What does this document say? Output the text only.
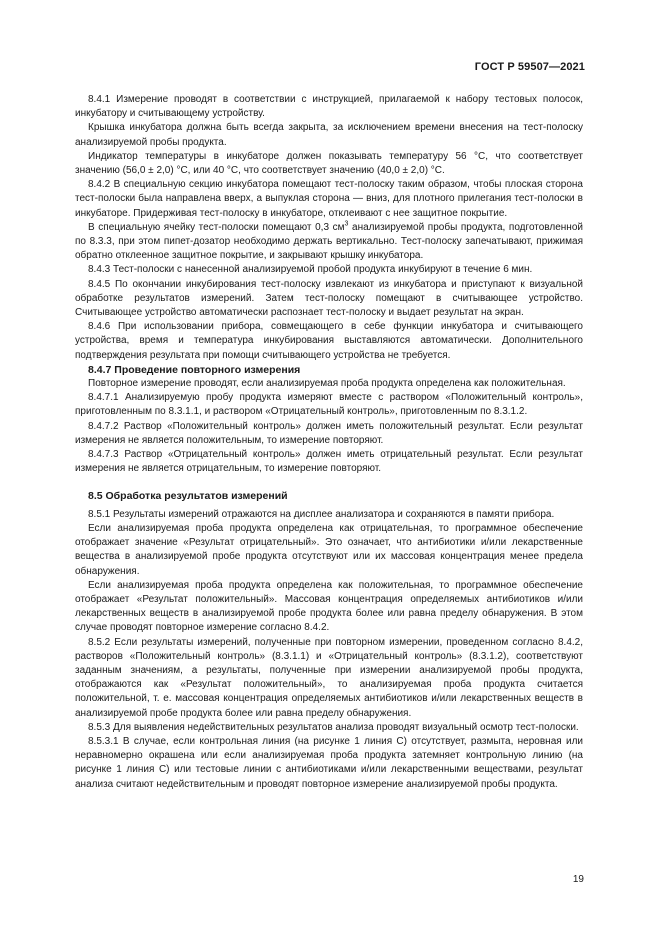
ГОСТ Р 59507—2021

8.4.1 Измерение проводят в соответствии с инструкцией, прилагаемой к набору тестовых полосок, инкубатору и считывающему устройству.

Крышка инкубатора должна быть всегда закрыта, за исключением времени внесения на тест-полоску анализируемой пробы продукта.

Индикатор температуры в инкубаторе должен показывать температуру 56 °С, что соответствует значению (56,0 ± 2,0) °С, или 40 °С, что соответствует значению (40,0 ± 2,0) °С.

8.4.2 В специальную секцию инкубатора помещают тест-полоску таким образом, чтобы плоская сторона тест-полоски была направлена вверх, а выпуклая сторона — вниз, для плотного прилегания тест-полоски в инкубаторе. Придерживая тест-полоску в инкубаторе, отклеивают с нее защитное покрытие.

В специальную ячейку тест-полоски помещают 0,3 $см^3$ анализируемой пробы продукта, подготовленной по 8.3.3, при этом пипет-дозатор необходимо держать вертикально. Тест-полоску запечатывают, прижимая обратно отклеенное защитное покрытие, и закрывают крышку инкубатора.

8.4.3 Тест-полоски с нанесенной анализируемой пробой продукта инкубируют в течение 6 мин.

8.4.5 По окончании инкубирования тест-полоску извлекают из инкубатора и приступают к визуальной обработке результатов измерений. Затем тест-полоску помещают в считывающее устройство. Считывающее устройство автоматически распознает тест-полоску и выдает результат на экран.

8.4.6 При использовании прибора, совмещающего в себе функции инкубатора и считывающего устройства, время и температура инкубирования выставляются автоматически. Дополнительного подтверждения результата при помощи считывающего устройства не требуется.

8.4.7 Проведение повторного измерения

Повторное измерение проводят, если анализируемая проба продукта определена как положительная.

8.4.7.1 Анализируемую пробу продукта измеряют вместе с раствором «Положительный контроль», приготовленным по 8.3.1.1, и раствором «Отрицательный контроль», приготовленным по 8.3.1.2.

8.4.7.2 Раствор «Положительный контроль» должен иметь положительный результат. Если результат измерения не является положительным, то измерение повторяют.

8.4.7.3 Раствор «Отрицательный контроль» должен иметь отрицательный результат. Если результат измерения не является отрицательным, то измерение повторяют.

8.5 Обработка результатов измерений

8.5.1 Результаты измерений отражаются на дисплее анализатора и сохраняются в памяти прибора.

Если анализируемая проба продукта определена как отрицательная, то программное обеспечение отображает значение «Результат отрицательный». Это означает, что антибиотики и/или лекарственные вещества в анализируемой пробе продукта отсутствуют или их массовая концентрация менее предела обнаружения.

Если анализируемая проба продукта определена как положительная, то программное обеспечение отображает «Результат положительный». Массовая концентрация определяемых антибиотиков и/или лекарственных веществ в анализируемой пробе продукта более или равна пределу обнаружения. В этом случае проводят повторное измерение согласно 8.4.2.

8.5.2 Если результаты измерений, полученные при повторном измерении, проведенном согласно 8.4.2, растворов «Положительный контроль» (8.3.1.1) и «Отрицательный контроль» (8.3.1.2), соответствуют заданным значениям, а результаты, полученные при измерении анализируемой пробы продукта, отображаются как «Результат положительный», то анализируемая проба продукта считается положительной, т. е. массовая концентрация определяемых антибиотиков и/или лекарственных веществ в анализируемой пробе продукта более или равна пределу обнаружения.

8.5.3 Для выявления недействительных результатов анализа проводят визуальный осмотр тест-полоски.

8.5.3.1 В случае, если контрольная линия (на рисунке 1 линия С) отсутствует, размыта, неровная или неравномерно окрашена или если анализируемая проба продукта затемняет контрольную линию (на рисунке 1 линия С) или тестовые линии с антибиотиками и/или лекарственными веществами, результат анализа считают недействительным и проводят повторное измерение анализируемой пробы продукта.

19
